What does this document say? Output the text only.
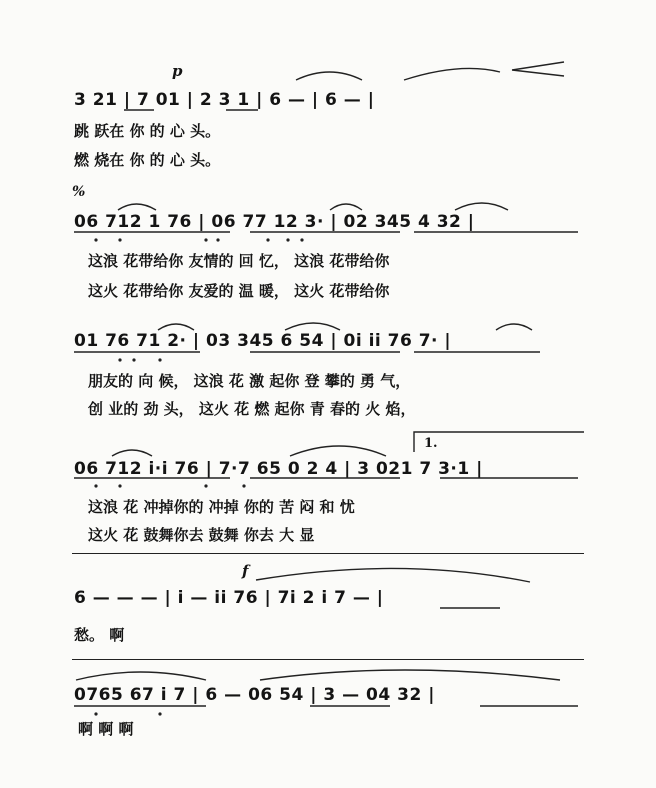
p
3 21 | 7 01 | 2 3 1 | 6 — | 6 — |
跳 跃在 你 的 心 头。
燃 烧在 你 的 心 头。
%
06 712 1 76 | 06 77 12 3· | 02 345 4 32 |
这浪 花带给你 友情的 回 忆， 这浪 花带给你
这火 花带给你 友爱的 温 暖， 这火 花带给你
01 76 71 2· | 03 345 6 54 | 0i ii 76 7· |
朋友的 向 候， 这浪 花 激 起你 登 攀的 勇 气，
创 业的 劲 头， 这火 花 燃 起你 青 春的 火 焰，
1.
06 712 i·i 76 | 7·7 65 0 2 4 | 3 021 7 3·1 |
这浪 花 冲掉你的 冲掉 你的 苦 闷 和 忧
这火 花 鼓舞你去 鼓舞 你去 大 显
f
6 — — — | i — ii 76 | 7i 2 i 7 — |
愁。 啊
0765 67 i 7 | 6 — 06 54 | 3 — 04 32 |
啊 啊 啊
